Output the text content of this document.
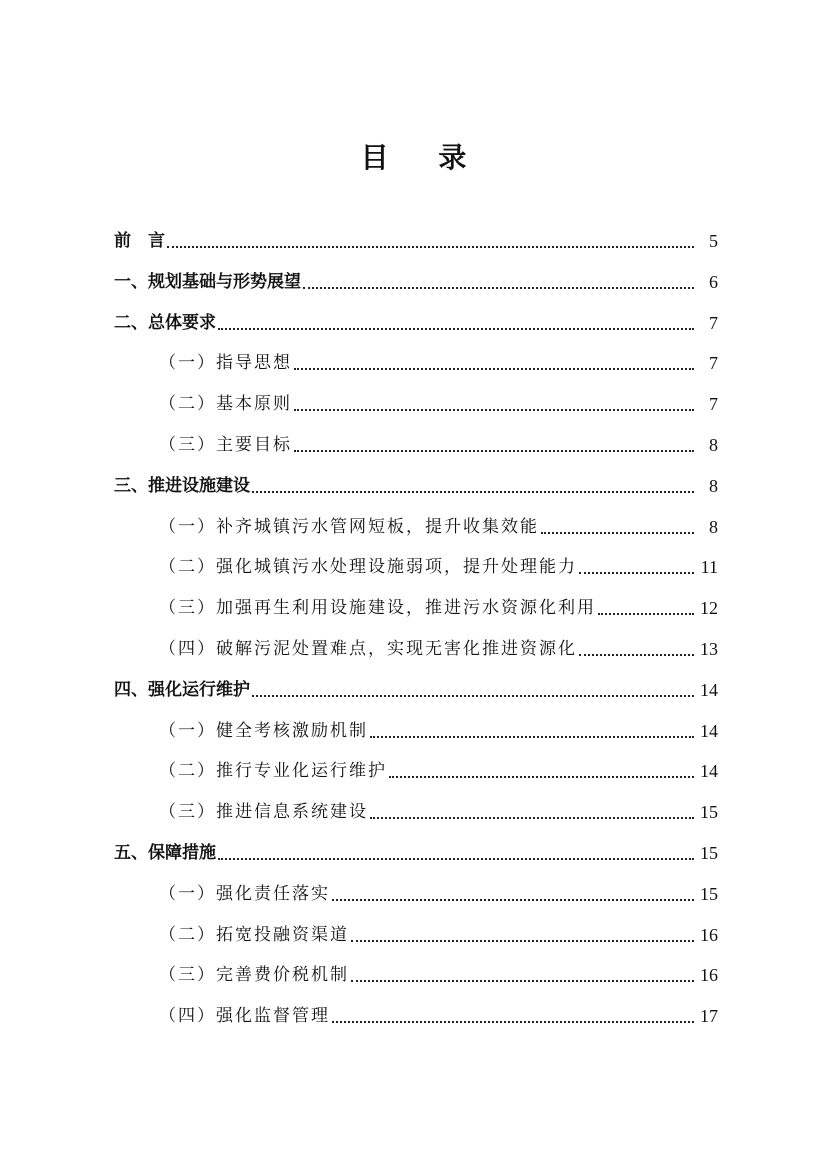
目 录
前　言	5
一、规划基础与形势展望	6
二、总体要求	7
（一）指导思想	7
（二）基本原则	7
（三）主要目标	8
三、推进设施建设	8
（一）补齐城镇污水管网短板，提升收集效能	8
（二）强化城镇污水处理设施弱项，提升处理能力	11
（三）加强再生利用设施建设，推进污水资源化利用	12
（四）破解污泥处置难点，实现无害化推进资源化	13
四、强化运行维护	14
（一）健全考核激励机制	14
（二）推行专业化运行维护	14
（三）推进信息系统建设	15
五、保障措施	15
（一）强化责任落实	15
（二）拓宽投融资渠道	16
（三）完善费价税机制	16
（四）强化监督管理	17
